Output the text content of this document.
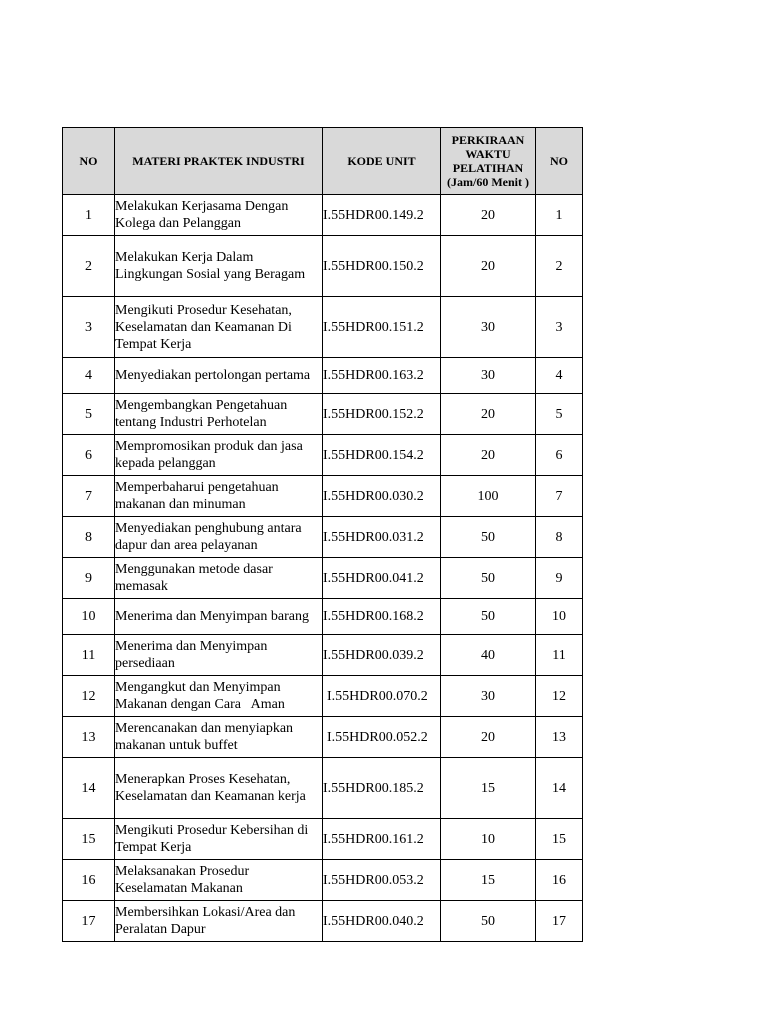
NO	MATERI PRAKTEK INDUSTRI	KODE UNIT	PERKIRAAN WAKTU PELATIHAN (Jam/60 Menit )	NO
1	Melakukan Kerjasama Dengan Kolega dan Pelanggan	I.55HDR00.149.2	20	1
2	Melakukan Kerja Dalam Lingkungan Sosial yang Beragam	I.55HDR00.150.2	20	2
3	Mengikuti Prosedur Kesehatan, Keselamatan dan Keamanan Di Tempat Kerja	I.55HDR00.151.2	30	3
4	Menyediakan pertolongan pertama	I.55HDR00.163.2	30	4
5	Mengembangkan Pengetahuan tentang Industri Perhotelan	I.55HDR00.152.2	20	5
6	Mempromosikan produk dan jasa kepada pelanggan	I.55HDR00.154.2	20	6
7	Memperbaharui pengetahuan makanan dan minuman	I.55HDR00.030.2	100	7
8	Menyediakan penghubung antara dapur dan area pelayanan	I.55HDR00.031.2	50	8
9	Menggunakan metode dasar memasak	I.55HDR00.041.2	50	9
10	Menerima dan Menyimpan barang	I.55HDR00.168.2	50	10
11	Menerima dan Menyimpan persediaan	I.55HDR00.039.2	40	11
12	Mengangkut dan Menyimpan Makanan dengan Cara   Aman	I.55HDR00.070.2	30	12
13	Merencanakan dan menyiapkan makanan untuk buffet	I.55HDR00.052.2	20	13
14	Menerapkan Proses Kesehatan, Keselamatan dan Keamanan kerja	I.55HDR00.185.2	15	14
15	Mengikuti Prosedur Kebersihan di Tempat Kerja	I.55HDR00.161.2	10	15
16	Melaksanakan Prosedur Keselamatan Makanan	I.55HDR00.053.2	15	16
17	Membersihkan Lokasi/Area dan Peralatan Dapur	I.55HDR00.040.2	50	17
